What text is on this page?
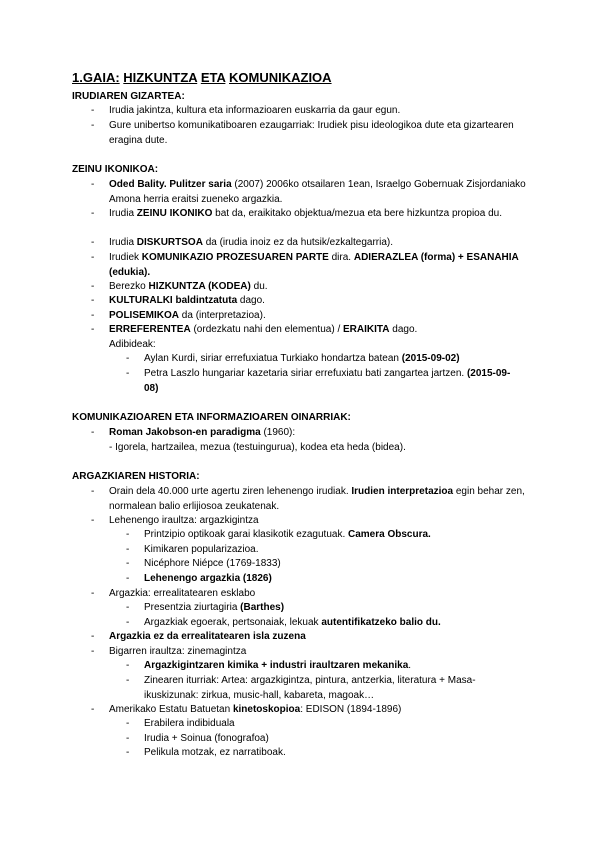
1.GAIA: HIZKUNTZA ETA KOMUNIKAZIOA
IRUDIAREN GIZARTEA:
- Irudia jakintza, kultura eta informazioaren euskarria da gaur egun.
- Gure unibertso komunikatiboaren ezaugarriak: Irudiek pisu ideologikoa dute eta gizartearen eragina dute.
ZEINU IKONIKOA:
- Oded Bality. Pulitzer saria (2007) 2006ko otsailaren 1ean, Israelgo Gobernuak Zisjordaniako Amona herria eraitsi zueneko argazkia.
- Irudia ZEINU IKONIKO bat da, eraikitako objektua/mezua eta bere hizkuntza propioa du.
- Irudia DISKURTSOA da (irudia inoiz ez da hutsik/ezkaltegarria).
- Irudiek KOMUNIKAZIO PROZESUAREN PARTE dira. ADIERAZLEA (forma) + ESANAHIA (edukia).
- Berezko HIZKUNTZA (KODEA) du.
- KULTURALKI baldintzatuta dago.
- POLISEMIKOA da (interpretazioa).
- ERREFERENTEA (ordezkatu nahi den elementua) / ERAIKITA dago.
Adibideak:
- Aylan Kurdi, siriar errefuxiatua Turkiako hondartza batean (2015-09-02)
- Petra Laszlo hungariar kazetaria siriar errefuxiatu bati zangartea jartzen. (2015-09-08)
KOMUNIKAZIOAREN ETA INFORMAZIOAREN OINARRIAK:
- Roman Jakobson-en paradigma (1960):
- Igorela, hartzailea, mezua (testuingurua), kodea eta heda (bidea).
ARGAZKIAREN HISTORIA:
- Orain dela 40.000 urte agertu ziren lehenengo irudiak. Irudien interpretazioa egin behar zen, normalean balio erlijiosoa zeukatenak.
- Lehenengo iraultza: argazkigintza
- Printzipio optikoak garai klasikotik ezagutuak. Camera Obscura.
- Kimikaren popularizazioa.
- Nicéphore Niépce (1769-1833)
- Lehenengo argazkia (1826)
- Argazkia: errealitatearen esklabo
- Presentzia ziurtagiria (Barthes)
- Argazkiak egoerak, pertsonaiak, lekuak autentifikatzeko balio du.
- Argazkia ez da errealitatearen isla zuzena
- Bigarren iraultza: zinemagintza
- Argazkigintzaren kimika + industri iraultzaren mekanika.
- Zinearen iturriak: Artea: argazkigintza, pintura, antzerkia, literatura + Masa-ikuskizunak: zirkua, music-hall, kabareta, magoak…
- Amerikako Estatu Batuetan kinetoskopioa: EDISON (1894-1896)
- Erabilera indibiduala
- Irudia + Soinua (fonografoa)
- Pelikula motzak, ez narratiboak.
